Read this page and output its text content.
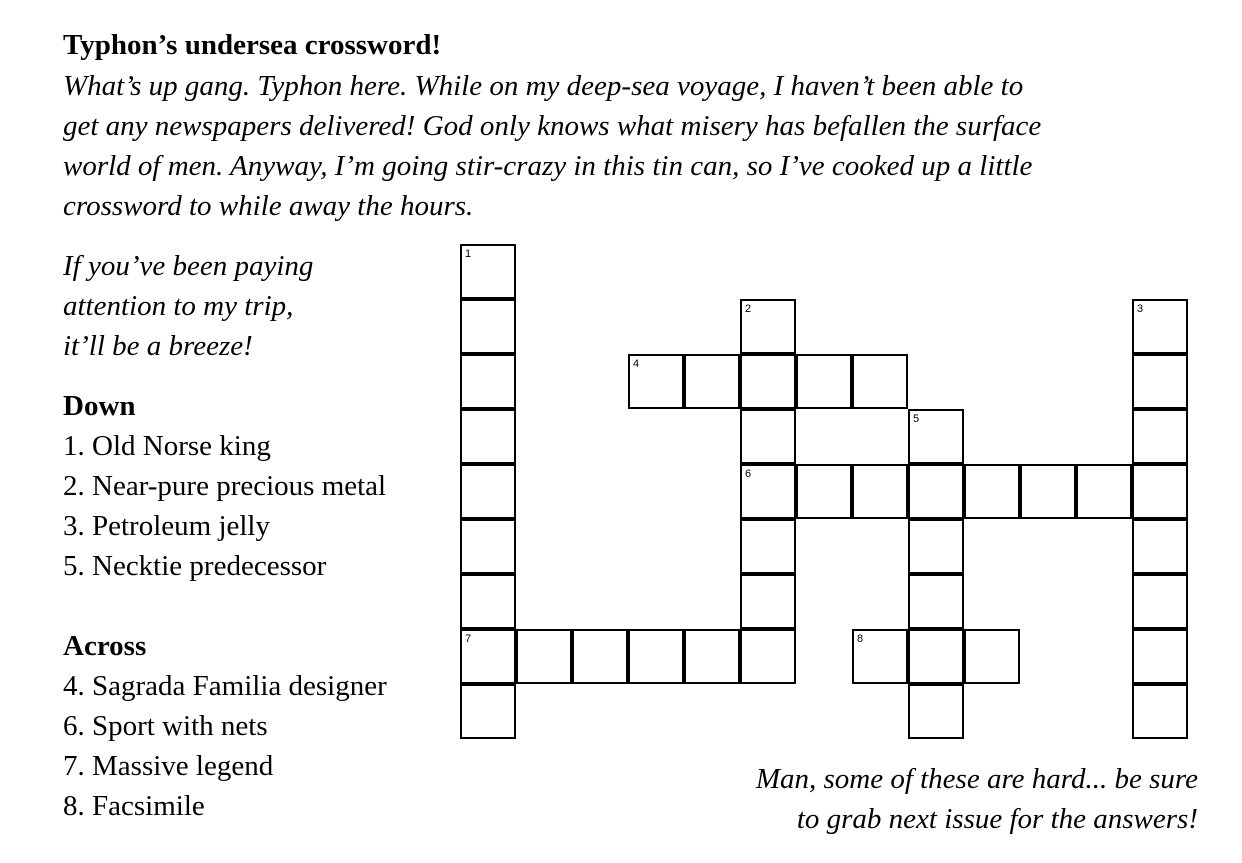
Typhon’s undersea crossword!
What’s up gang. Typhon here. While on my deep-sea voyage, I haven’t been able to
get any newspapers delivered! God only knows what misery has befallen the surface
world of men. Anyway, I’m going stir-crazy in this tin can, so I’ve cooked up a little
crossword to while away the hours.
If you’ve been paying
attention to my trip,
it’ll be a breeze!
Down
1. Old Norse king
2. Near-pure precious metal
3. Petroleum jelly
5. Necktie predecessor
Across
4. Sagrada Familia designer
6. Sport with nets
7. Massive legend
8. Facsimile
Man, some of these are hard... be sure
to grab next issue for the answers!
1
7
2
6
3
4
5
8
